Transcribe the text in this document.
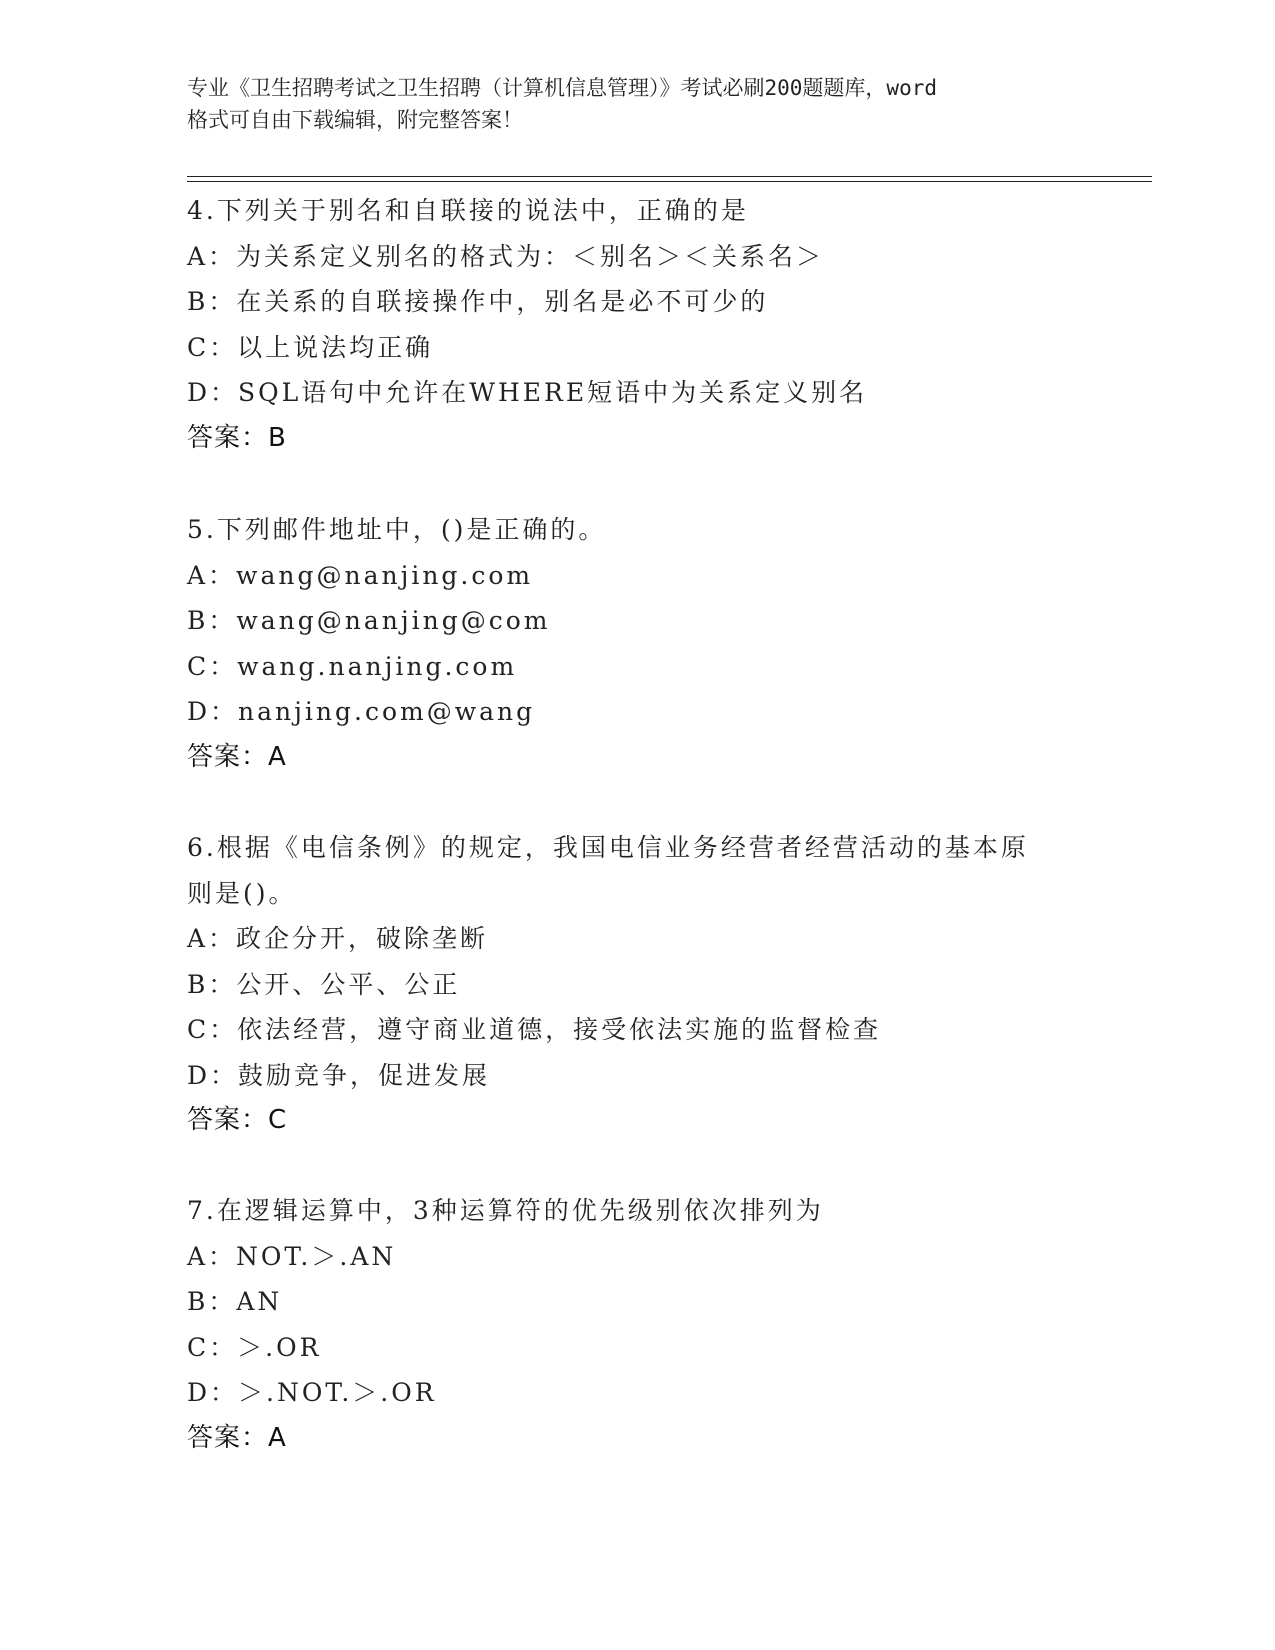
专业《卫生招聘考试之卫生招聘（计算机信息管理）》考试必刷200题题库，word
格式可自由下载编辑，附完整答案！
4.下列关于别名和自联接的说法中，正确的是
A：为关系定义别名的格式为：＜别名＞＜关系名＞
B：在关系的自联接操作中，别名是必不可少的
C：以上说法均正确
D：SQL语句中允许在WHERE短语中为关系定义别名
答案：B
5.下列邮件地址中，()是正确的。
A：wang@nanjing.com
B：wang@nanjing@com
C：wang.nanjing.com
D：nanjing.com@wang
答案：A
6.根据《电信条例》的规定，我国电信业务经营者经营活动的基本原
则是()。
A：政企分开，破除垄断
B：公开、公平、公正
C：依法经营，遵守商业道德，接受依法实施的监督检查
D：鼓励竞争，促进发展
答案：C
7.在逻辑运算中，3种运算符的优先级别依次排列为
A：NOT.＞.AN
B：AN
C：＞.OR
D：＞.NOT.＞.OR
答案：A
